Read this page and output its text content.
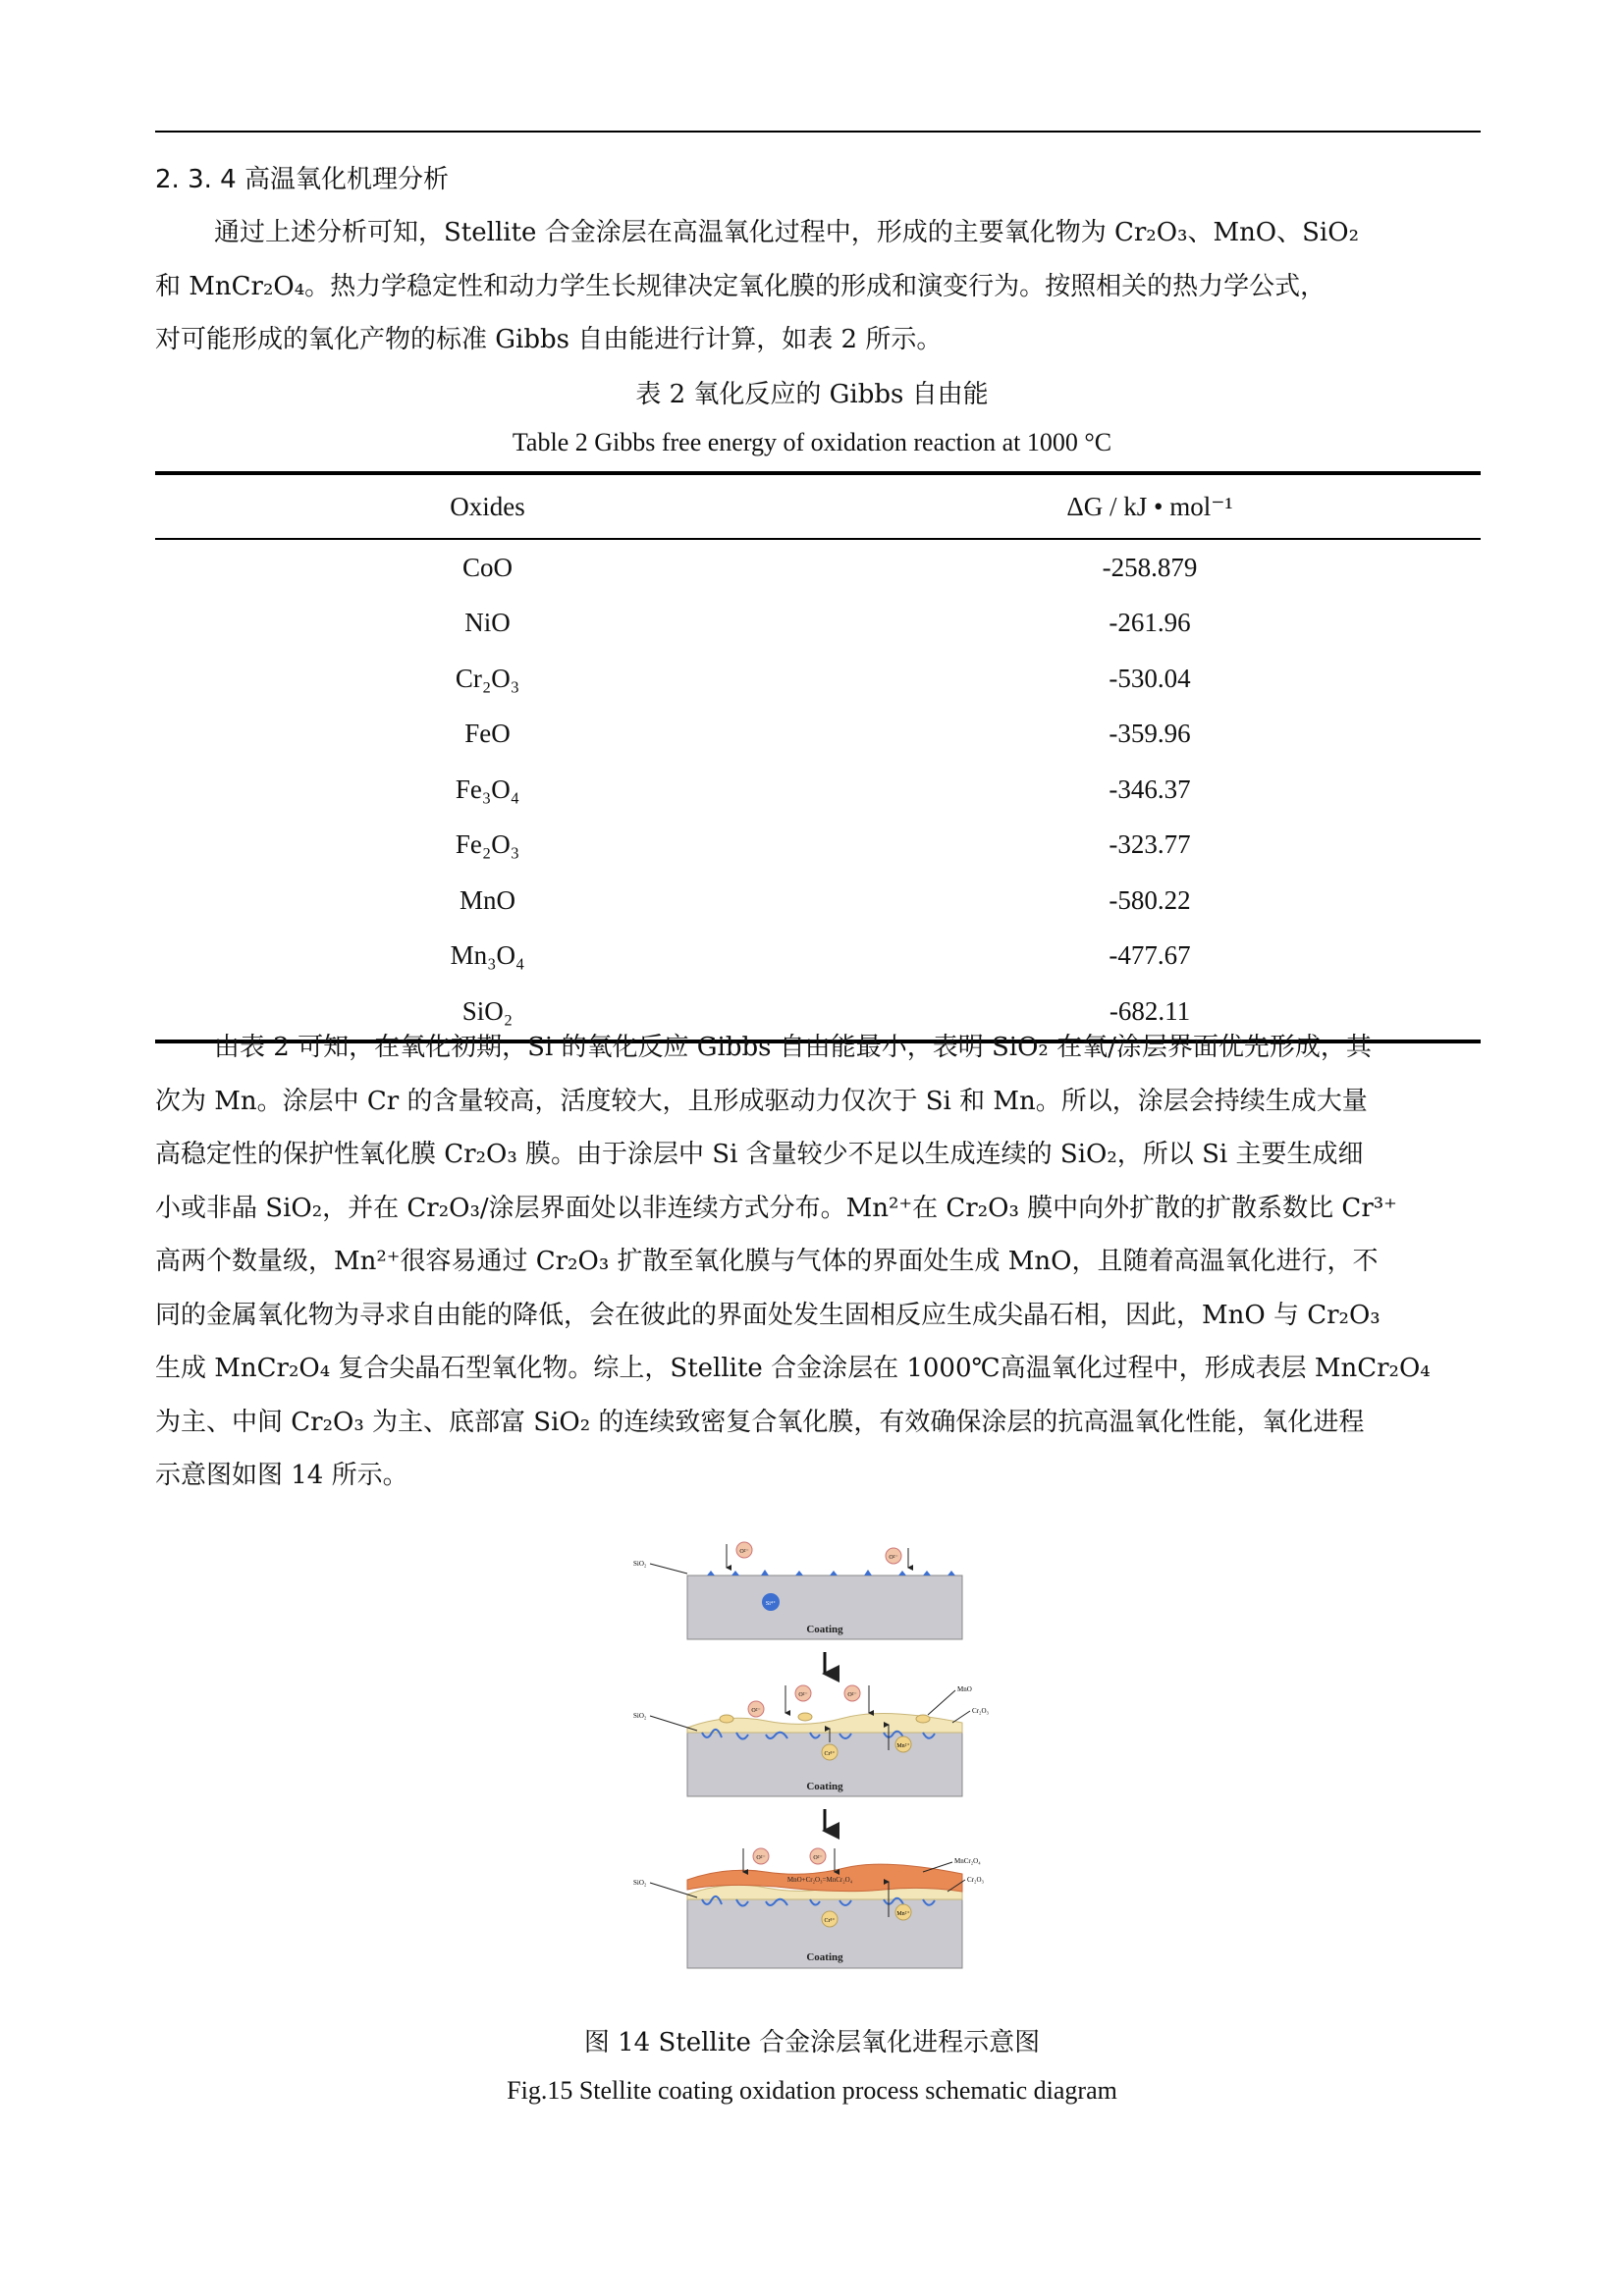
2. 3. 4 高温氧化机理分析
通过上述分析可知，Stellite 合金涂层在高温氧化过程中，形成的主要氧化物为 Cr₂O₃、MnO、SiO₂
和 MnCr₂O₄。热力学稳定性和动力学生长规律决定氧化膜的形成和演变行为。按照相关的热力学公式，
对可能形成的氧化产物的标准 Gibbs 自由能进行计算，如表 2 所示。
表 2 氧化反应的 Gibbs 自由能
Table 2 Gibbs free energy of oxidation reaction at 1000 °C
Oxides	ΔG / kJ • mol⁻¹
CoO	-258.879
NiO	-261.96
Cr₂O₃	-530.04
FeO	-359.96
Fe₃O₄	-346.37
Fe₂O₃	-323.77
MnO	-580.22
Mn₃O₄	-477.67
SiO₂	-682.11
由表 2 可知，在氧化初期，Si 的氧化反应 Gibbs 自由能最小，表明 SiO₂ 在氧/涂层界面优先形成，其
次为 Mn。涂层中 Cr 的含量较高，活度较大，且形成驱动力仅次于 Si 和 Mn。所以，涂层会持续生成大量
高稳定性的保护性氧化膜 Cr₂O₃ 膜。由于涂层中 Si 含量较少不足以生成连续的 SiO₂，所以 Si 主要生成细
小或非晶 SiO₂，并在 Cr₂O₃/涂层界面处以非连续方式分布。Mn²⁺在 Cr₂O₃ 膜中向外扩散的扩散系数比 Cr³⁺
高两个数量级，Mn²⁺很容易通过 Cr₂O₃ 扩散至氧化膜与气体的界面处生成 MnO，且随着高温氧化进行，不
同的金属氧化物为寻求自由能的降低，会在彼此的界面处发生固相反应生成尖晶石相，因此，MnO 与 Cr₂O₃
生成 MnCr₂O₄ 复合尖晶石型氧化物。综上，Stellite 合金涂层在 1000℃高温氧化过程中，形成表层 MnCr₂O₄
为主、中间 Cr₂O₃ 为主、底部富 SiO₂ 的连续致密复合氧化膜，有效确保涂层的抗高温氧化性能，氧化进程
示意图如图 14 所示。
Coating
Si⁴⁺
O²⁻
O²⁻
SiO₂
Coating
O²⁻
O²⁻	O²⁻
Cr³⁺
Mn²⁺
SiO₂
MnO
Cr₂O₃
MnO+Cr₂O₃=MnCr₂O₄
Coating
O²⁻	O²⁻
Cr³⁺
Mn²⁺
SiO₂
MnCr₂O₄
Cr₂O₃
图 14 Stellite 合金涂层氧化进程示意图
Fig.15 Stellite coating oxidation process schematic diagram
